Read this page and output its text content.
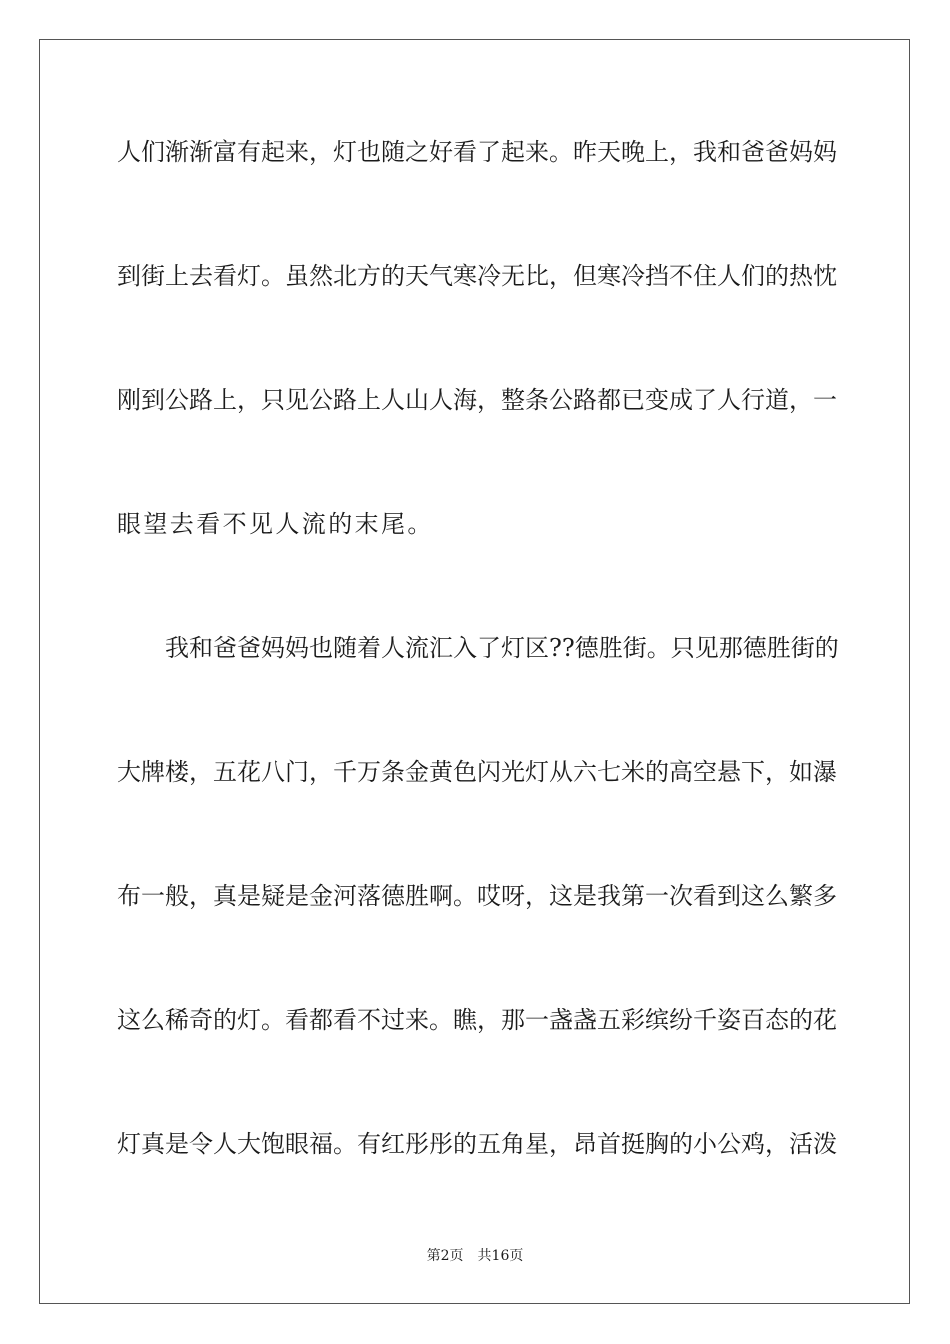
人们渐渐富有起来，灯也随之好看了起来。昨天晚上，我和爸爸妈妈
到街上去看灯。虽然北方的天气寒冷无比，但寒冷挡不住人们的热忱
刚到公路上，只见公路上人山人海，整条公路都已变成了人行道，一
眼望去看不见人流的末尾。
我和爸爸妈妈也随着人流汇入了灯区??德胜街。只见那德胜街的
大牌楼，五花八门，千万条金黄色闪光灯从六七米的高空悬下，如瀑
布一般，真是疑是金河落德胜啊。哎呀，这是我第一次看到这么繁多
这么稀奇的灯。看都看不过来。瞧，那一盏盏五彩缤纷千姿百态的花
灯真是令人大饱眼福。有红彤彤的五角星，昂首挺胸的小公鸡，活泼
第2页 共16页
